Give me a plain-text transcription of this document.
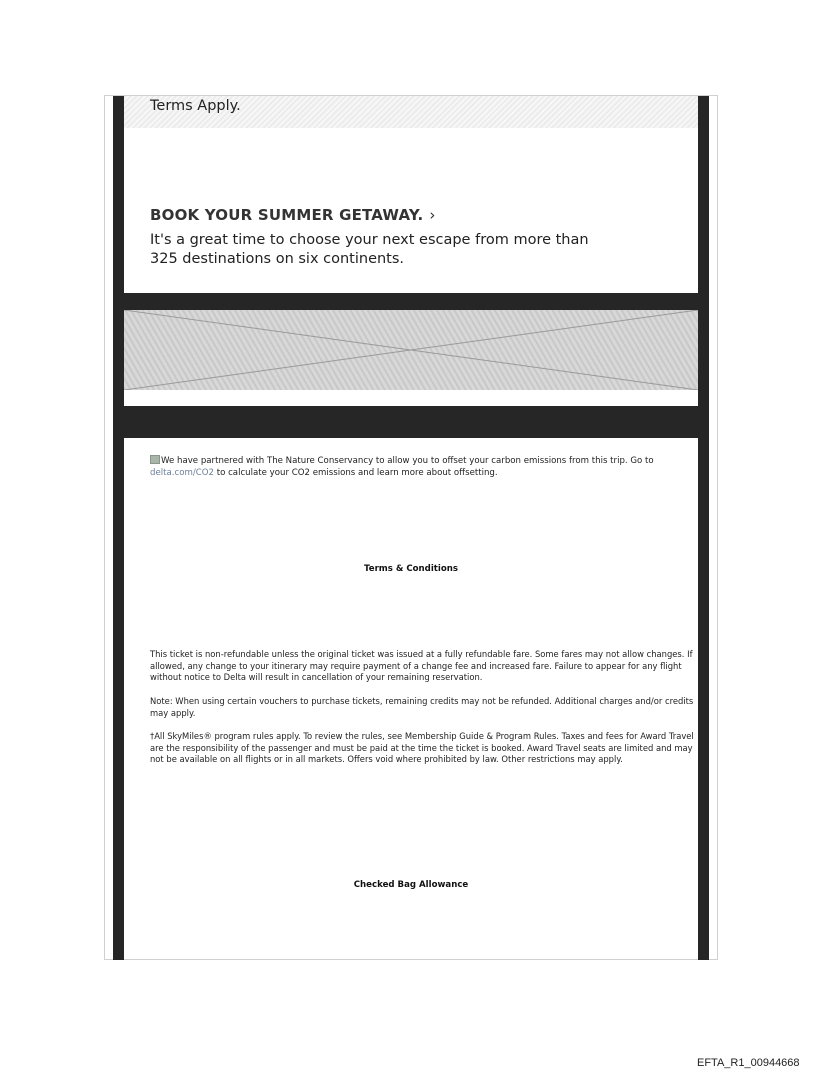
Terms Apply.
BOOK YOUR SUMMER GETAWAY. ›
It's a great time to choose your next escape from more than 325 destinations on six continents.
We have partnered with The Nature Conservancy to allow you to offset your carbon emissions from this trip. Go to delta.com/CO2 to calculate your CO2 emissions and learn more about offsetting.
Terms & Conditions
This ticket is non-refundable unless the original ticket was issued at a fully refundable fare. Some fares may not allow changes. If allowed, any change to your itinerary may require payment of a change fee and increased fare. Failure to appear for any flight without notice to Delta will result in cancellation of your remaining reservation.
Note: When using certain vouchers to purchase tickets, remaining credits may not be refunded. Additional charges and/or credits may apply.
†All SkyMiles® program rules apply. To review the rules, see Membership Guide & Program Rules. Taxes and fees for Award Travel are the responsibility of the passenger and must be paid at the time the ticket is booked. Award Travel seats are limited and may not be available on all flights or in all markets. Offers void where prohibited by law. Other restrictions may apply.
Checked Bag Allowance
EFTA_R1_00944668
